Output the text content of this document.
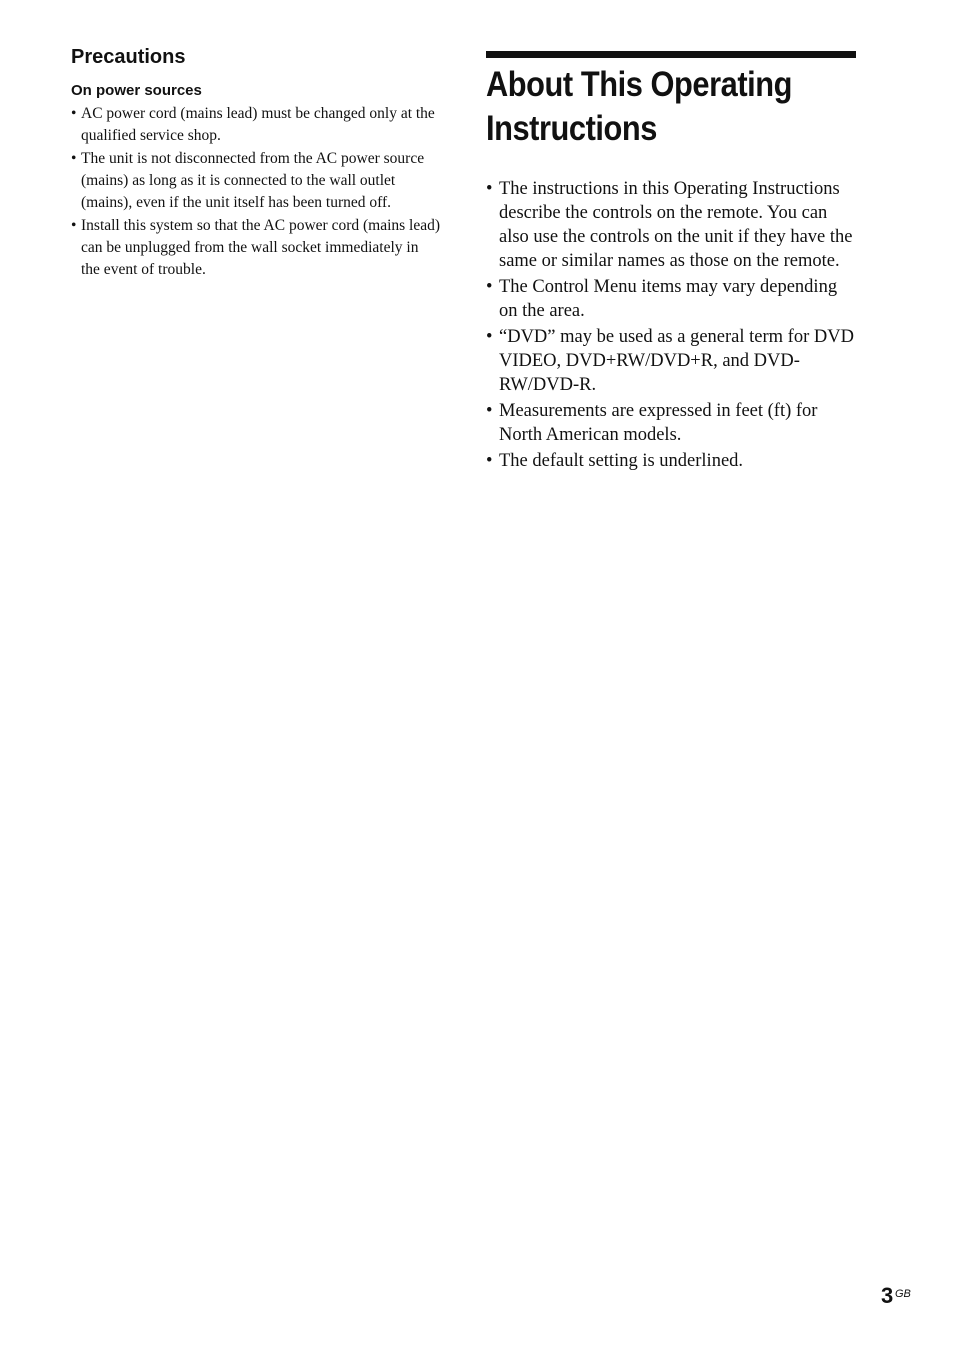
Precautions
On power sources
• AC power cord (mains lead) must be changed only at the qualified service shop.
• The unit is not disconnected from the AC power source (mains) as long as it is connected to the wall outlet (mains), even if the unit itself has been turned off.
• Install this system so that the AC power cord (mains lead) can be unplugged from the wall socket immediately in the event of trouble.
About This Operating
Instructions
• The instructions in this Operating Instructions describe the controls on the remote. You can also use the controls on the unit if they have the same or similar names as those on the remote.
• The Control Menu items may vary depending on the area.
• “DVD” may be used as a general term for DVD VIDEO, DVD+RW/DVD+R, and DVD-RW/DVD-R.
• Measurements are expressed in feet (ft) for North American models.
• The default setting is underlined.
3 GB
